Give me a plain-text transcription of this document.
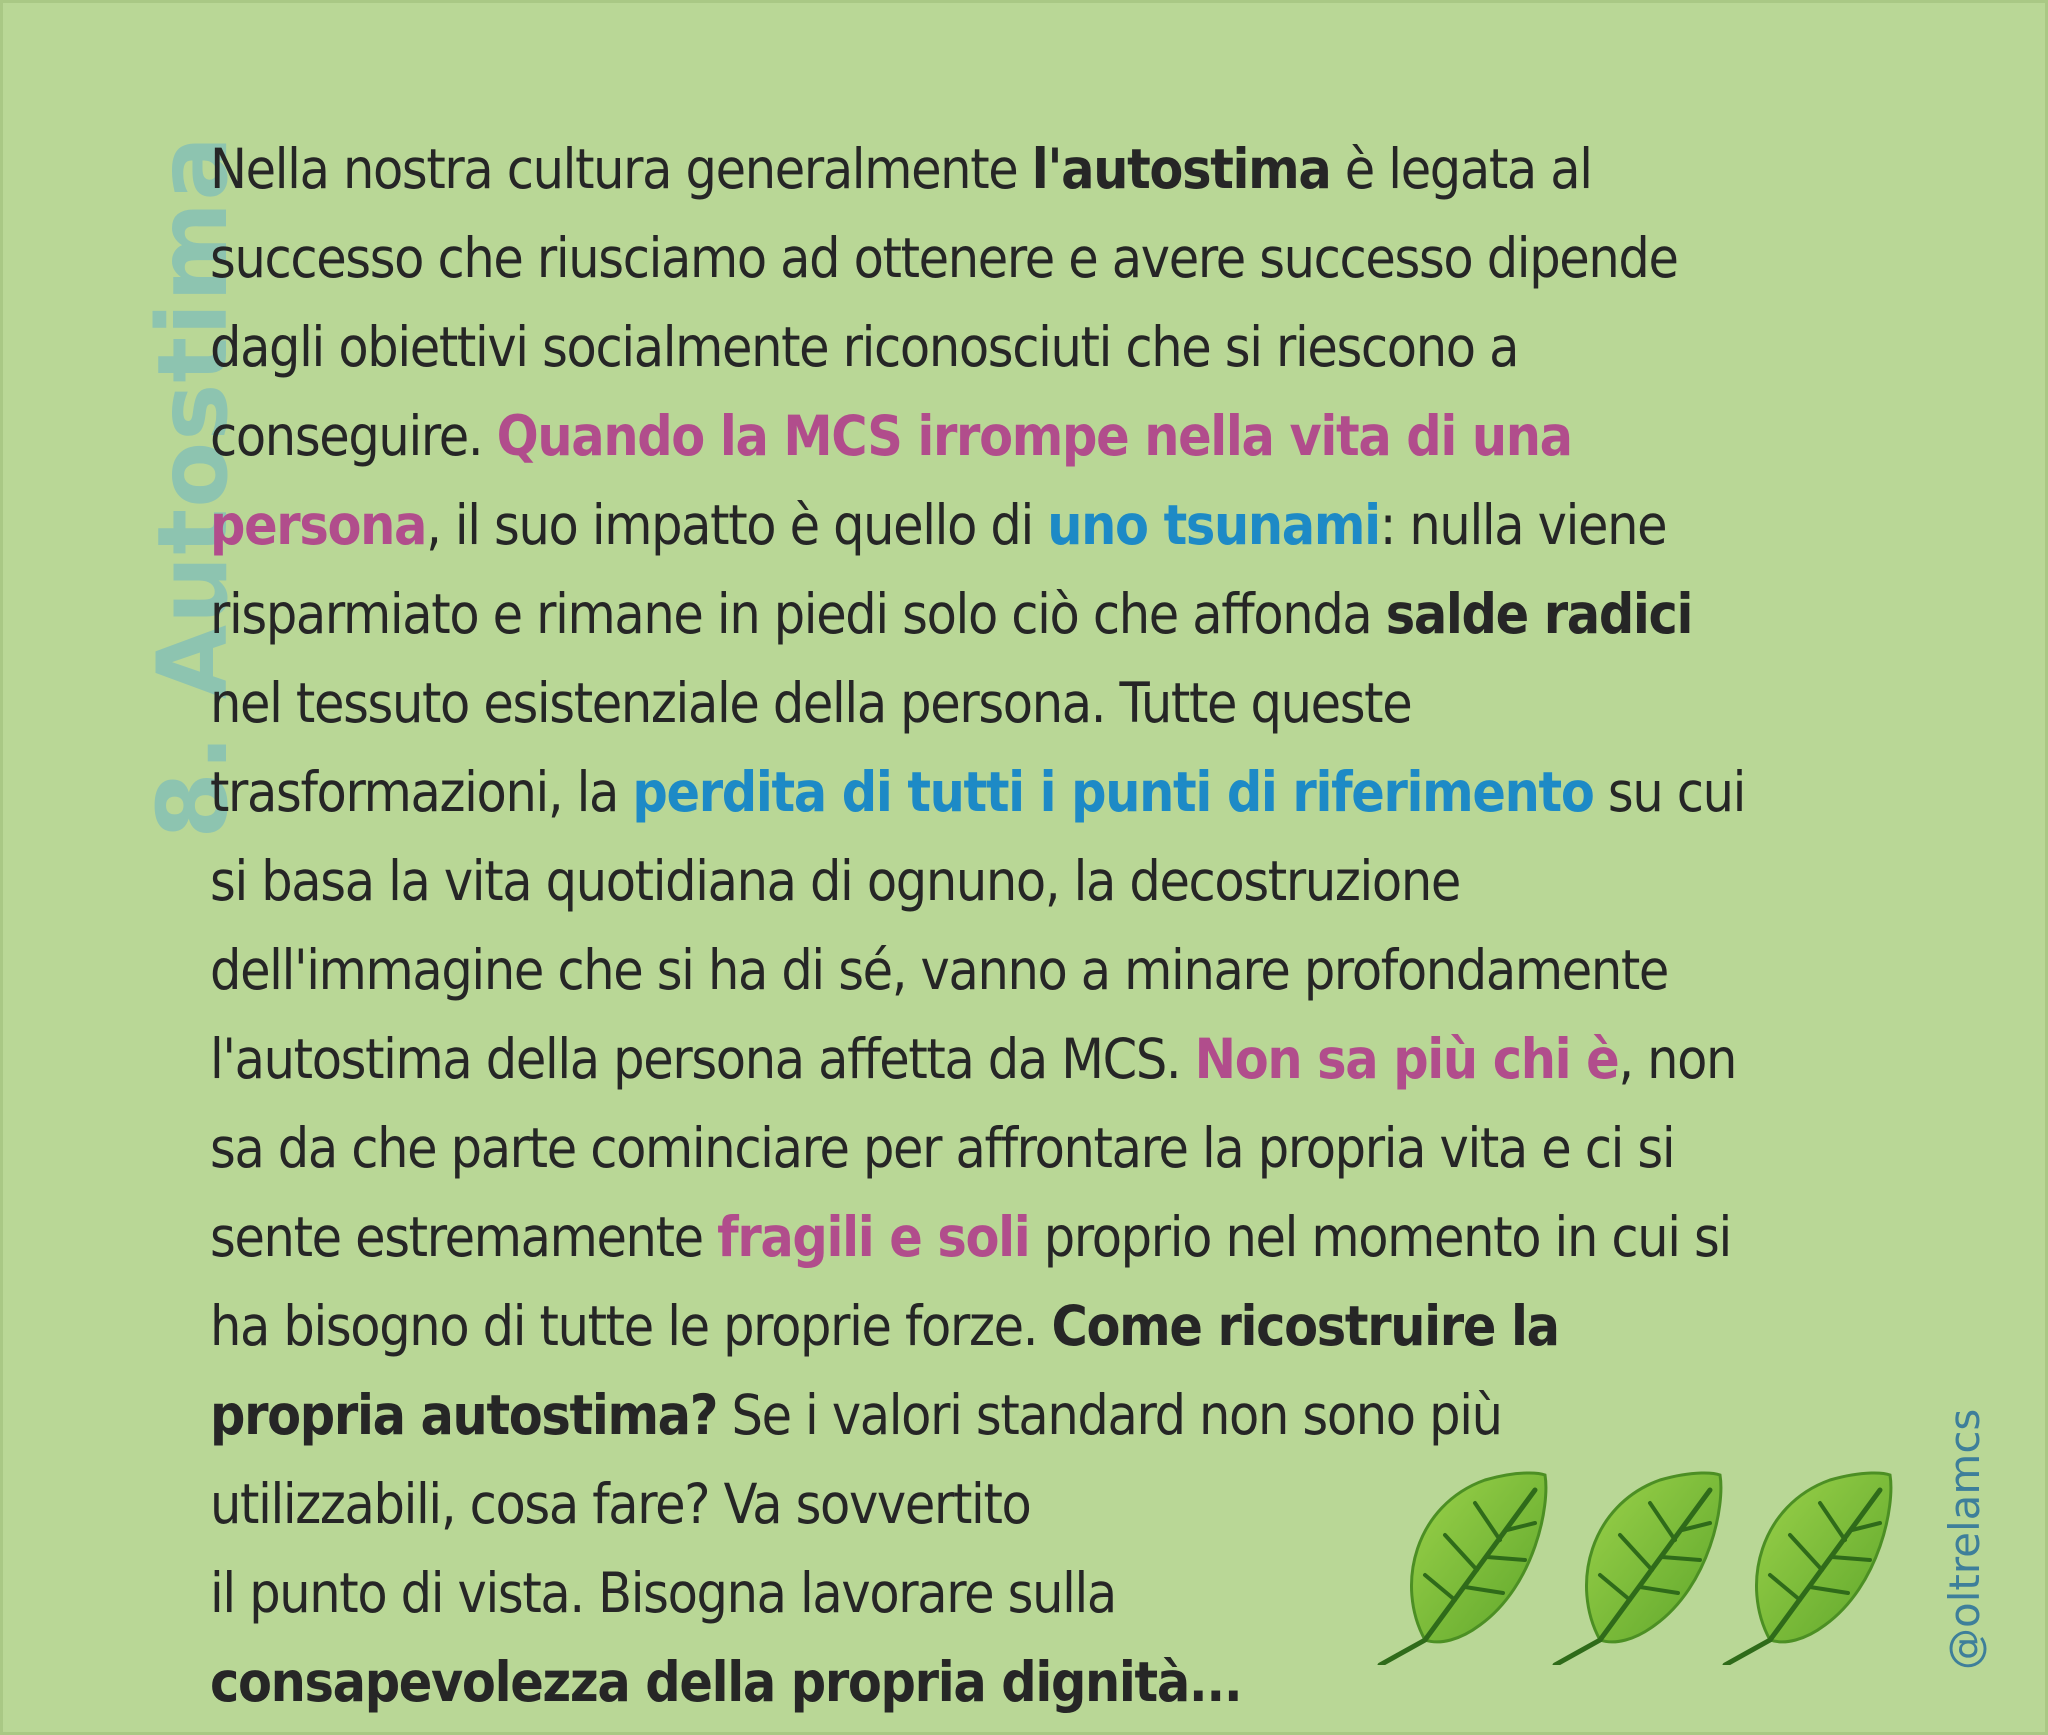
8. Autostima
Nella nostra cultura generalmente l'autostima è legata al
successo che riusciamo ad ottenere e avere successo dipende
dagli obiettivi socialmente riconosciuti che si riescono a
conseguire. Quando la MCS irrompe nella vita di una
persona, il suo impatto è quello di uno tsunami: nulla viene
risparmiato e rimane in piedi solo ciò che affonda salde radici
nel tessuto esistenziale della persona. Tutte queste
trasformazioni, la perdita di tutti i punti di riferimento su cui
si basa la vita quotidiana di ognuno, la decostruzione
dell'immagine che si ha di sé, vanno a minare profondamente
l'autostima della persona affetta da MCS. Non sa più chi è, non
sa da che parte cominciare per affrontare la propria vita e ci si
sente estremamente fragili e soli proprio nel momento in cui si
ha bisogno di tutte le proprie forze. Come ricostruire la
propria autostima? Se i valori standard non sono più
utilizzabili, cosa fare? Va sovvertito
il punto di vista. Bisogna lavorare sulla
consapevolezza della propria dignità...
@oltrelamcs
